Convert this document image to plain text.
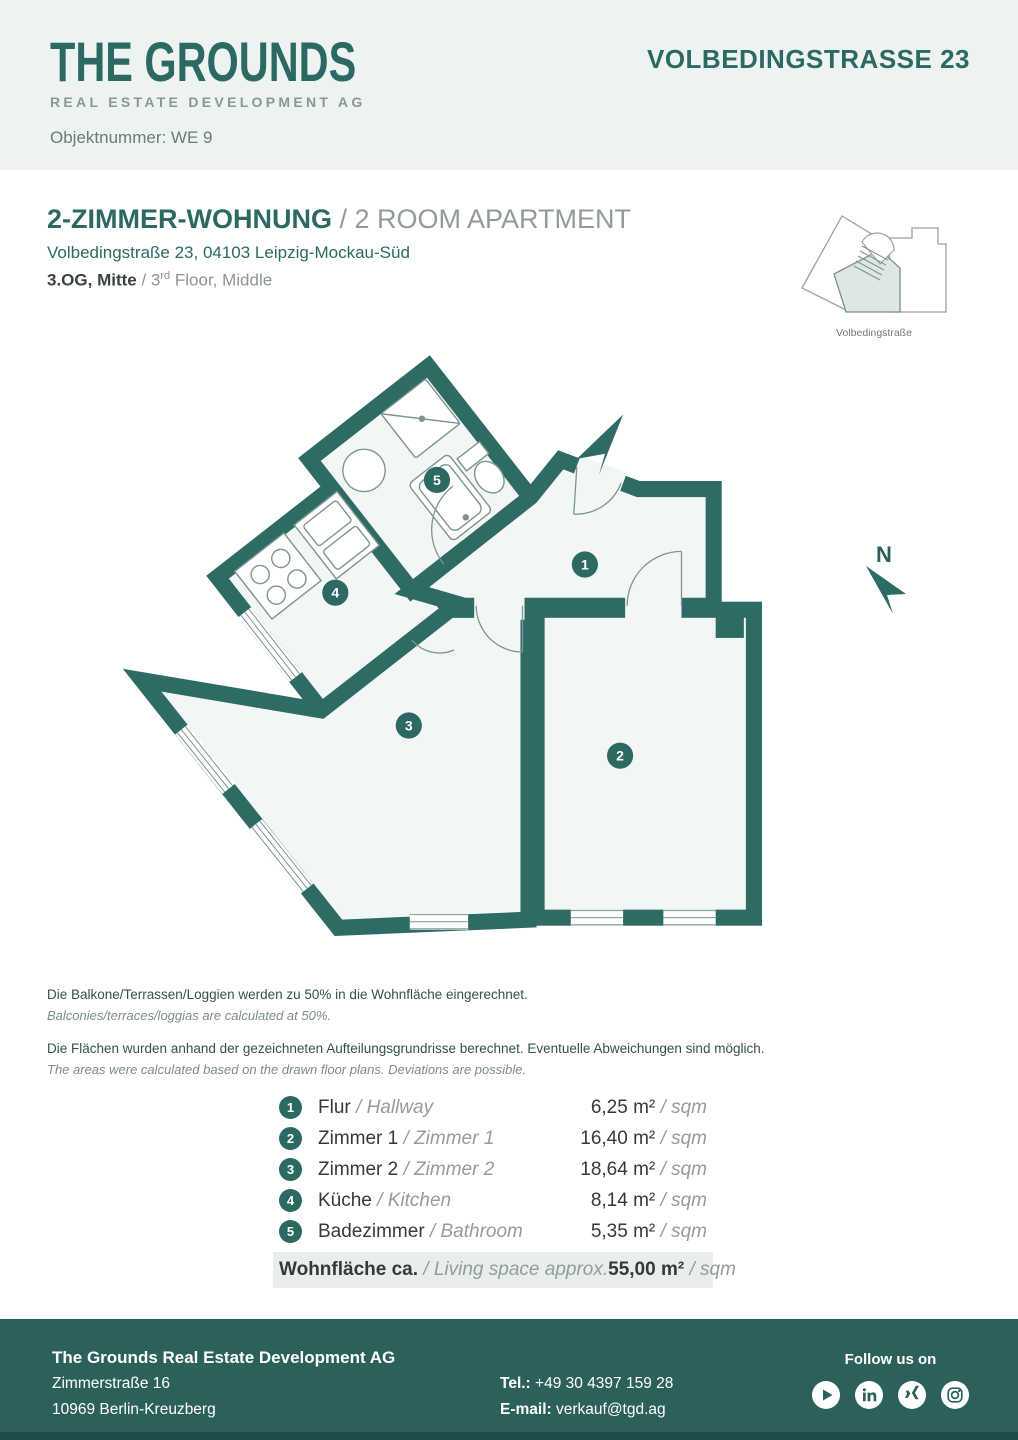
THE GROUNDS
REAL ESTATE DEVELOPMENT AG
VOLBEDINGSTRASSE 23
Objektnummer: WE 9
2-ZIMMER-WOHNUNG / 2 ROOM APARTMENT
Volbedingstraße 23, 04103 Leipzig-Mockau-Süd
3.OG, Mitte / 3rd Floor, Middle
Volbedingstraße
1
2
3
4
5
N
Die Balkone/Terrassen/Loggien werden zu 50% in die Wohnfläche eingerechnet.
Balconies/terraces/loggias are calculated at 50%.
Die Flächen wurden anhand der gezeichneten Aufteilungsgrundrisse berechnet. Eventuelle Abweichungen sind möglich.
The areas were calculated based on the drawn floor plans. Deviations are possible.
1	Flur / Hallway	6,25 m² / sqm
2	Zimmer 1 / Zimmer 1	16,40 m² / sqm
3	Zimmer 2 / Zimmer 2	18,64 m² / sqm
4	Küche / Kitchen	8,14 m² / sqm
5	Badezimmer / Bathroom	5,35 m² / sqm
Wohnfläche ca. / Living space approx. 55,00 m² / sqm
The Grounds Real Estate Development AG
Zimmerstraße 16
10969 Berlin-Kreuzberg
Tel.: +49 30 4397 159 28
E-mail: verkauf@tgd.ag
Follow us on
